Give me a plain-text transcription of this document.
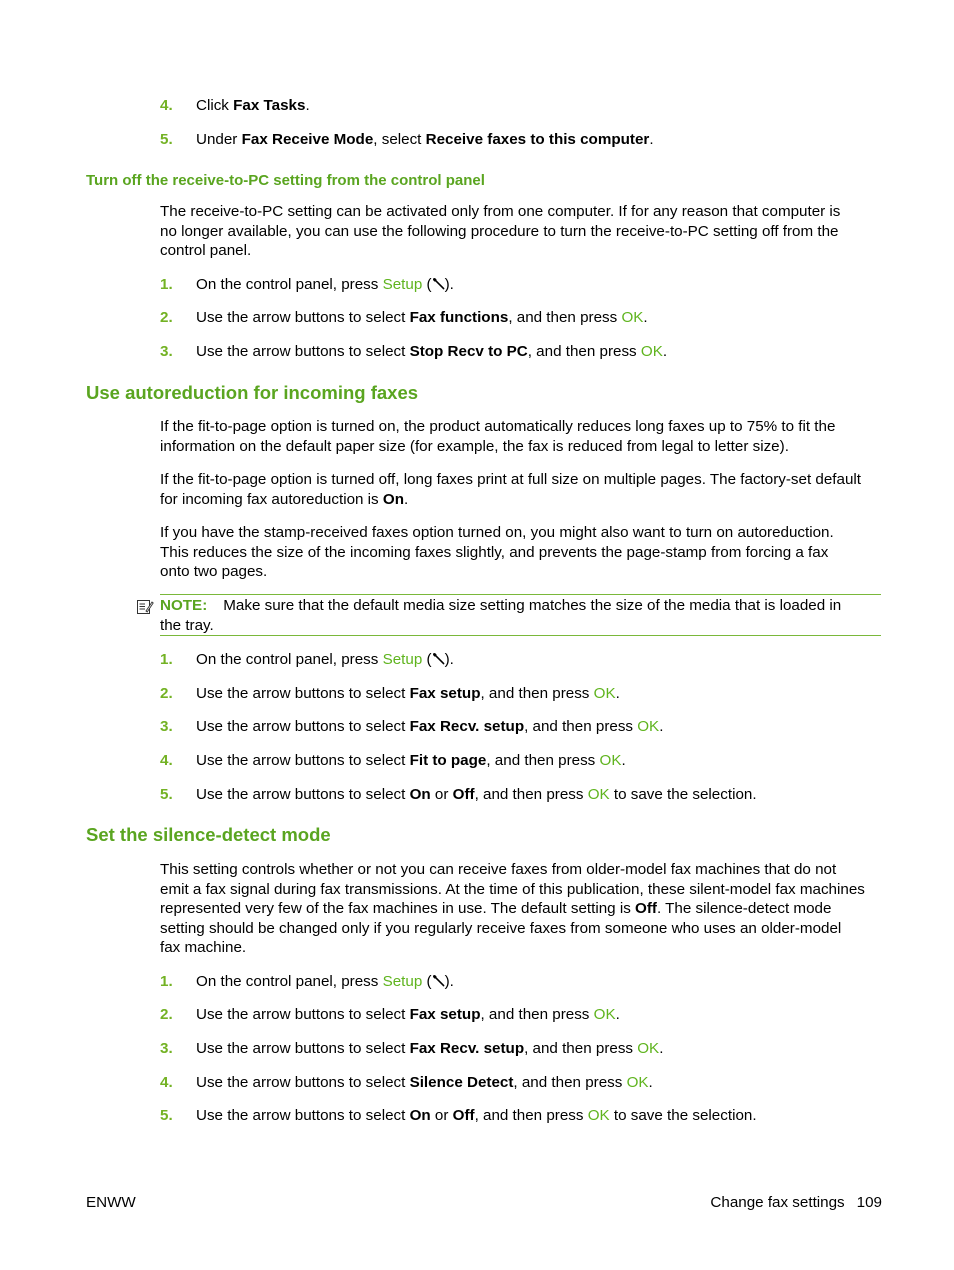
4. Click Fax Tasks.
5. Under Fax Receive Mode, select Receive faxes to this computer.
Turn off the receive-to-PC setting from the control panel
The receive-to-PC setting can be activated only from one computer. If for any reason that computer is
no longer available, you can use the following procedure to turn the receive-to-PC setting off from the
control panel.
1. On the control panel, press Setup ( ).
2. Use the arrow buttons to select Fax functions, and then press OK.
3. Use the arrow buttons to select Stop Recv to PC, and then press OK.
Use autoreduction for incoming faxes
If the fit-to-page option is turned on, the product automatically reduces long faxes up to 75% to fit the
information on the default paper size (for example, the fax is reduced from legal to letter size).
If the fit-to-page option is turned off, long faxes print at full size on multiple pages. The factory-set default
for incoming fax autoreduction is On.
If you have the stamp-received faxes option turned on, you might also want to turn on autoreduction.
This reduces the size of the incoming faxes slightly, and prevents the page-stamp from forcing a fax
onto two pages.
NOTE: Make sure that the default media size setting matches the size of the media that is loaded in
the tray.
1. On the control panel, press Setup ( ).
2. Use the arrow buttons to select Fax setup, and then press OK.
3. Use the arrow buttons to select Fax Recv. setup, and then press OK.
4. Use the arrow buttons to select Fit to page, and then press OK.
5. Use the arrow buttons to select On or Off, and then press OK to save the selection.
Set the silence-detect mode
This setting controls whether or not you can receive faxes from older-model fax machines that do not
emit a fax signal during fax transmissions. At the time of this publication, these silent-model fax machines
represented very few of the fax machines in use. The default setting is Off. The silence-detect mode
setting should be changed only if you regularly receive faxes from someone who uses an older-model
fax machine.
1. On the control panel, press Setup ( ).
2. Use the arrow buttons to select Fax setup, and then press OK.
3. Use the arrow buttons to select Fax Recv. setup, and then press OK.
4. Use the arrow buttons to select Silence Detect, and then press OK.
5. Use the arrow buttons to select On or Off, and then press OK to save the selection.
ENWW	Change fax settings 109
